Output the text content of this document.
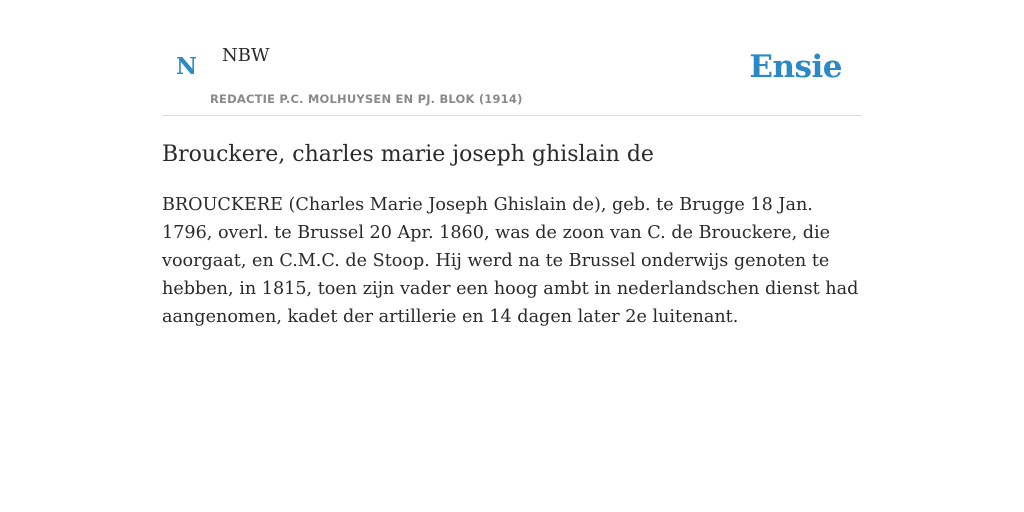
N NBW
REDACTIE P.C. MOLHUYSEN EN PJ. BLOK (1914)
Ensie
Brouckere, charles marie joseph ghislain de

BROUCKERE (Charles Marie Joseph Ghislain de), geb. te Brugge 18 Jan. 1796, overl. te Brussel 20 Apr. 1860, was de zoon van C. de Brouckere, die voorgaat, en C.M.C. de Stoop. Hij werd na te Brussel onderwijs genoten te hebben, in 1815, toen zijn vader een hoog ambt in nederlandschen dienst had aangenomen, kadet der artillerie en 14 dagen later 2e luitenant.
